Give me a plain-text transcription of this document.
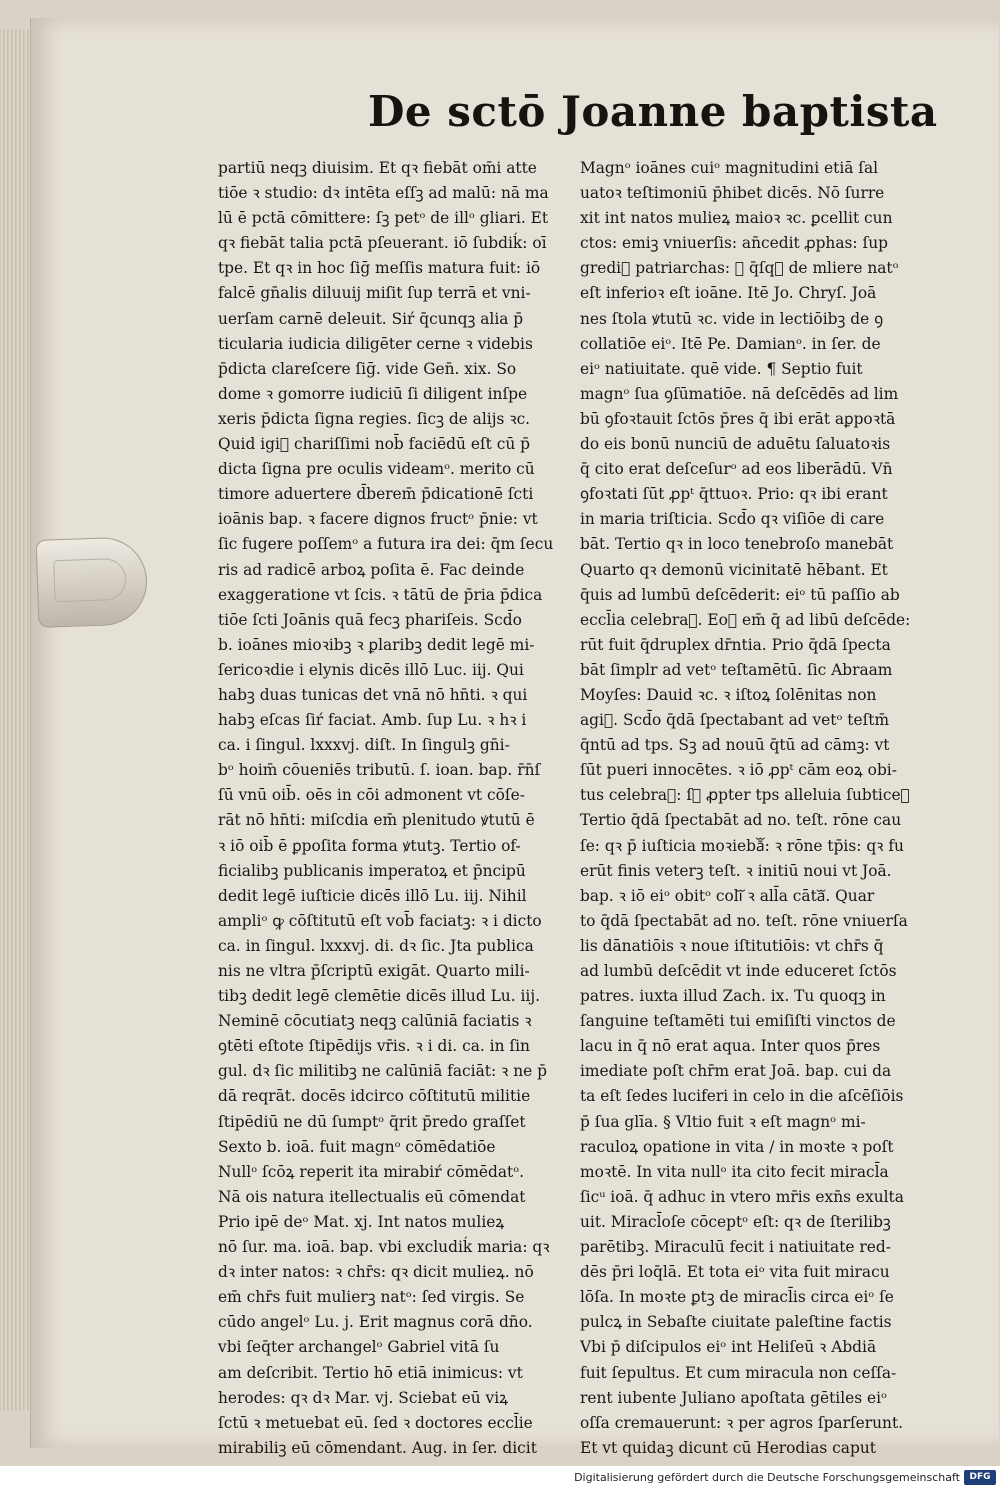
De sctō Joanne baptista
partiū neqꝫ diuisim. Et qꝛ fiebāt om̄i atte
tiōe ꝛ studio: dꝛ intēta eſſꝫ ad malū: nā ma
lū ē pctā cōmittere: ſꝫ petᵒ de illᵒ gliari. Et
qꝛ fiebāt talia pctā pſeuerant. iō ſubdiḱ: oī
tpe. Et qꝛ in hoc ſiḡ meſſis matura fuit: iō
falcē gn̄alis diluuij miſit ſup terrā et vni-
uerſam carnē deleuit. Siŕ q̄cunqꝫ alia p̄
ticularia iudicia diligēter cerne ꝛ videbis
p̄dicta clareſcere ſiḡ. vide Gen̄. xix. So
dome ꝛ gomorre iudiciū ſi diligent inſpe
xeris p̄dicta ſigna regies. ſicꝫ de alijs ꝛc.
Quid igiᷓ chariſſimi nob̄ faciēdū eſt cū p̄
dicta ſigna pre oculis videamᵒ. merito cū
timore aduertere d̄berem̄ p̄dicationē ſcti
ioānis bap. ꝛ facere dignos fructᵒ p̄nie: vt
ſic fugere poſſemᵒ a futura ira dei: q̄m ſecu
ris ad radicē arboꝝ poſita ē. Fac deinde
exaggeratione vt ſcis. ꝛ tātū de p̄ria p̄dica
tiōe ſcti Joānis quā fecꝫ phariſeis. Scd̄o
b. ioānes mioꝛibꝫ ꝛ ꝑlaribꝫ dedit legē mi-
ſericoꝛdie i elynis dicēs illō Luc. iij. Qui
habꝫ duas tunicas det vnā nō hn̄ti. ꝛ qui
habꝫ eſcas ſiŕ faciat. Amb. ſup Lu. ꝛ hꝛ i
ca. i ſingul. lxxxvj. diſt. In ſingulꝫ gn̄i-
bᵒ hoim̄ cōueniēs tributū. ſ. ioan. bap. r̄n̄ſ
ſū vnū oib̄. oēs in cōi admonent vt cōſe-
rāt nō hn̄ti: miſcdia em̄ plenitudo ꝟtutū ē
ꝛ iō oib̄ ē ꝑpoſita forma ꝟtutꝫ. Tertio of-
ficialibꝫ publicanis imperatoꝝ et p̄ncipū
dedit legē iuſticie dicēs illō Lu. iij. Nihil
ampliᵒ ꝙ cōſtitutū eſt vob̄ faciatꝫ: ꝛ i dicto
ca. in ſingul. lxxxvj. di. dꝛ ſic. Jta publica
nis ne vltra p̄ſcriptū exigāt. Quarto mili-
tibꝫ dedit legē clemētie dicēs illud Lu. iij.
Neminē cōcutiatꝫ neqꝫ calūniā faciatis ꝛ
ꝯtēti eſtote ſtipēdijs vr̄is. ꝛ i di. ca. in ſin
gul. dꝛ ſic militibꝫ ne calūniā faciāt: ꝛ ne p̄
dā reqrāt. docēs idcirco cōſtitutū militie
ſtipēdiū ne dū ſumptᵒ q̄rit p̄redo graſſet
Sexto b. ioā. fuit magnᵒ cōmēdatiōe
Nullᵒ ſcōꝝ reperit ita mirabiŕ cōmēdatᵒ.
Nā ois natura itellectualis eū cōmendat
Prio ipē deᵒ Mat. xj. Int natos mulieꝝ
nō ſur. ma. ioā. bap. vbi excludiḱ maria: qꝛ
dꝛ inter natos: ꝛ chr̄s: qꝛ dicit mulieꝝ. nō
em̄ chr̄s fuit mulierꝫ natᵒ: ſed virgis. Se
cūdo angelᵒ Lu. j. Erit magnus corā dn̄o.
vbi ſeq̄ter archangelᵒ Gabriel vitā ſu
am deſcribit. Tertio hō etiā inimicus: vt
herodes: qꝛ dꝛ Mar. vj. Sciebat eū viꝝ
ſctū ꝛ metuebat eū. ſed ꝛ doctores eccl̄ie
mirabiliꝫ eū cōmendant. Aug. in ſer. dicit
Magnᵒ ioānes cuiᵒ magnitudini etiā ſal
uatoꝛ teſtimoniū p̄hibet dicēs. Nō ſurre
xit int natos mulieꝝ maioꝛ ꝛc. ꝑcellit cun
ctos: emiꝫ vniuerſis: an̄cedit ꝓphas: ſup
grediᷓ patriarchas: ꝛ q̄ſqꝫ de mliere natᵒ
eſt inferioꝛ eſt ioāne. Itē Jo. Chryſ. Joā
nes ſtola ꝟtutū ꝛc. vide in lectiōibꝫ de ꝯ
collatiōe eiᵒ. Itē Pe. Damianᵒ. in ſer. de
eiᵒ natiuitate. quē vide. ¶ Septio fuit
magnᵒ ſua ꝯſūmatiōe. nā deſcēdēs ad lim
bū ꝯfoꝛtauit ſctōs p̄res q̄ ibi erāt aꝑpoꝛtā
do eis bonū nunciū de aduētu ſaluatoꝛis
q̄ cito erat deſceſurᵒ ad eos liberādū. Vn̄
ꝯfoꝛtati ſūt ꝓpᵗ q̄ttuoꝛ. Prio: qꝛ ibi erant
in maria triſticia. Scd̄o qꝛ viſiōe di care
bāt. Tertio qꝛ in loco tenebroſo manebāt
Quarto qꝛ demonū vicinitatē hēbant. Et
q̄uis ad lumbū deſcēderit: eiᵒ tū paſſio ab
eccl̄ia celebraᷓ. Eoꝝ em̄ q̄ ad libū deſcēde:
rūt fuit q̄druplex dr̄ntia. Prio q̄dā ſpecta
bāt ſimplr ad vetᵒ teſtamētū. ſic Abraam
Moyſes: Dauid ꝛc. ꝛ iſtoꝝ ſolēnitas non
agiᷓ. Scd̄o q̄dā ſpectabant ad vetᵒ teſtm̄
q̄ntū ad tps. Sꝫ ad nouū q̄tū ad cāmꝫ: vt
ſūt pueri innocētes. ꝛ iō ꝓpᵗ cām eoꝝ obi-
tus celebraᷓ: ſꝫ ꝓpter tps alleluia ſubticeᷓ
Tertio q̄dā ſpectabāt ad no. teſt. rōne cau
ſe: qꝛ p̄ iuſticia moꝛiebāᷓ: ꝛ rōne tp̄is: qꝛ fu
erūt finis veterꝫ teſt. ꝛ initiū noui vt Joā.
bap. ꝛ iō eiᵒ obitᵒ coliᷓ ꝛ all̄a cātaᷓ. Quar
to q̄dā ſpectabāt ad no. teſt. rōne vniuerſa
lis dānatiōis ꝛ noue iſtitutiōis: vt chr̄s q̄
ad lumbū deſcēdit vt inde educeret ſctōs
patres. iuxta illud Zach. ix. Tu quoqꝫ in
ſanguine teſtamēti tui emiſiſti vinctos de
lacu in q̄ nō erat aqua. Inter quos p̄res
imediate poſt chr̄m erat Joā. bap. cui da
ta eſt ſedes luciferi in celo in die aſcēſiōis
p̄ ſua glīa. § Vltio fuit ꝛ eſt magnᵒ mi-
raculoꝝ opatione in vita / in moꝛte ꝛ poſt
moꝛtē. In vita nullᵒ ita cito fecit miracl̄a
ſicᵘ ioā. q̄ adhuc in vtero mr̄is exn̄s exulta
uit. Miracl̄oſe cōceptᵒ eſt: qꝛ de ſterilibꝫ
parētibꝫ. Miraculū fecit i natiuitate red-
dēs p̄ri loq̄lā. Et tota eiᵒ vita fuit miracu
lōſa. In moꝛte ꝑtꝫ de miracl̄is circa eiᵒ ſe
pulcꝝ in Sebaſte ciuitate paleſtine factis
Vbi p̄ diſcipulos eiᵒ int Heliſeū ꝛ Abdiā
fuit ſepultus. Et cum miracula non ceſſa-
rent iubente Juliano apoſtata gētiles eiᵒ
oſſa cremauerunt: ꝛ per agros ſparſerunt.
Et vt quidaꝫ dicunt cū Herodias caput
Digitalisierung gefördert durch die Deutsche Forschungsgemeinschaft	DFG
